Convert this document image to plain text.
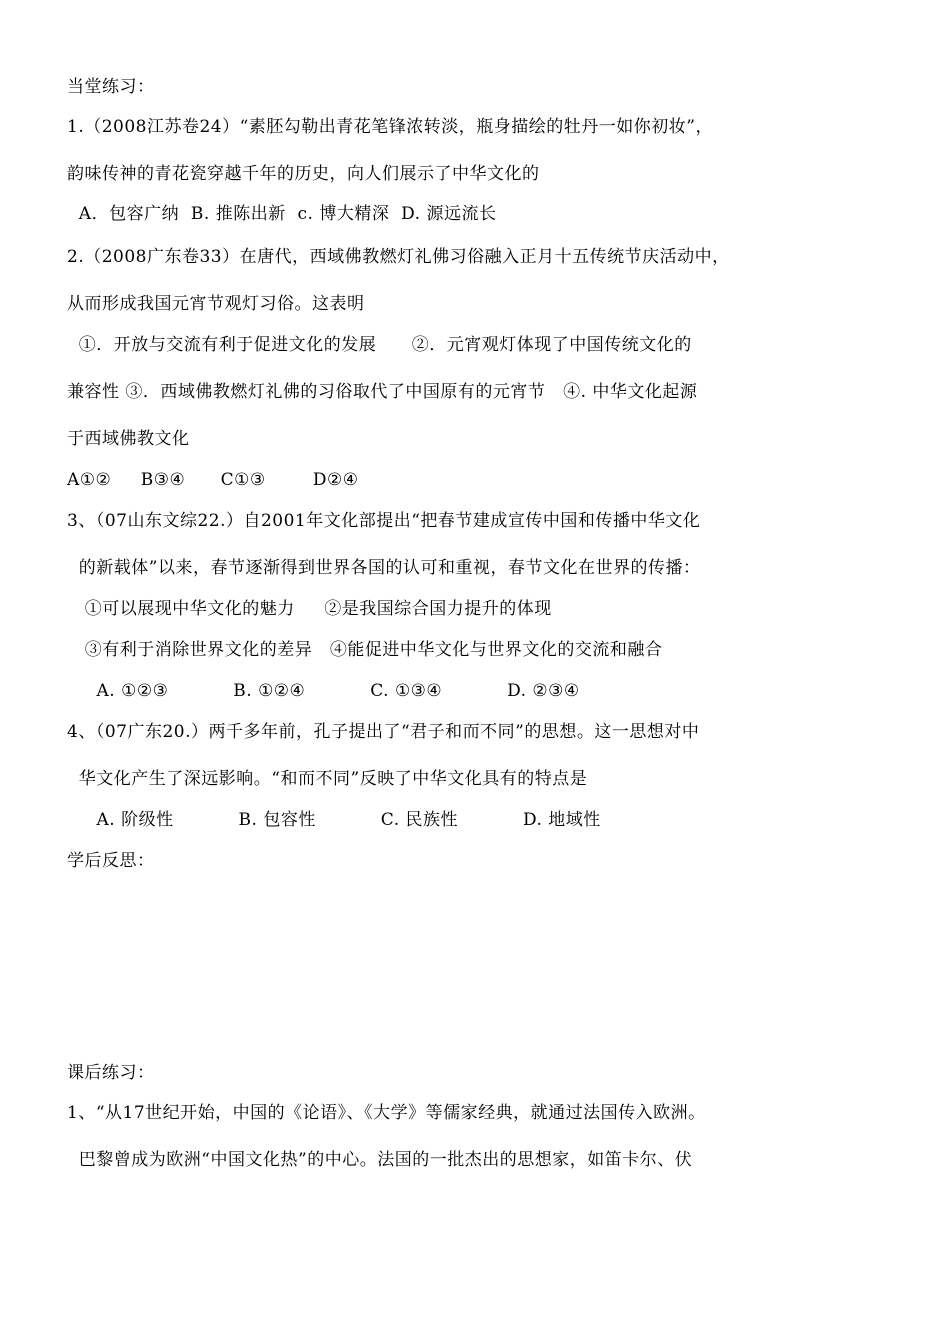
当堂练习：
1.（2008江苏卷24）“素胚勾勒出青花笔锋浓转淡，瓶身描绘的牡丹一如你初妆”，
韵味传神的青花瓷穿越千年的历史，向人们展示了中华文化的
A．包容广纳  B. 推陈出新  c. 博大精深  D. 源远流长
2.（2008广东卷33）在唐代，西域佛教燃灯礼佛习俗融入正月十五传统节庆活动中，
从而形成我国元宵节观灯习俗。这表明
①．开放与交流有利于促进文化的发展      ②．元宵观灯体现了中国传统文化的
兼容性 ③．西域佛教燃灯礼佛的习俗取代了中国原有的元宵节   ④. 中华文化起源
于西域佛教文化
A①②     B③④      C①③        D②④
3、（07山东文综22.）自2001年文化部提出“把春节建成宣传中国和传播中华文化
的新载体”以来，春节逐渐得到世界各国的认可和重视，春节文化在世界的传播：
①可以展现中华文化的魅力     ②是我国综合国力提升的体现
③有利于消除世界文化的差异   ④能促进中华文化与世界文化的交流和融合
A. ①②③           B. ①②④           C. ①③④           D. ②③④
4、（07广东20.）两千多年前，孔子提出了“君子和而不同”的思想。这一思想对中
华文化产生了深远影响。“和而不同”反映了中华文化具有的特点是
A. 阶级性           B. 包容性           C. 民族性           D. 地域性
学后反思：
课后练习：
1、“从17世纪开始，中国的《论语》、《大学》等儒家经典，就通过法国传入欧洲。
巴黎曾成为欧洲“中国文化热”的中心。法国的一批杰出的思想家，如笛卡尔、伏
